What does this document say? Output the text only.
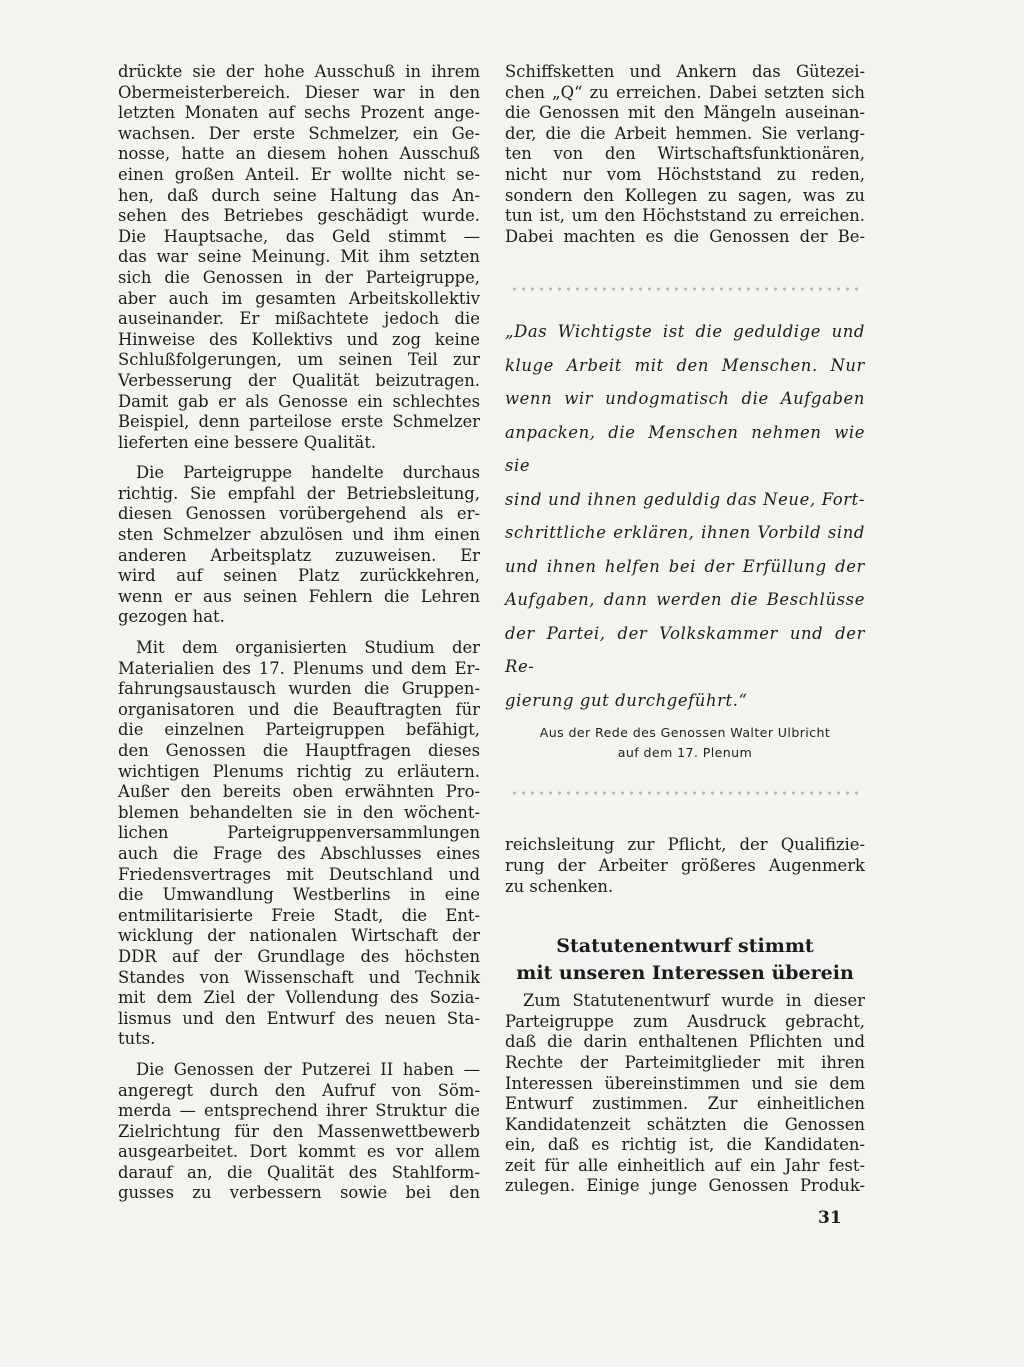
drückte sie der hohe Ausschuß in ihrem

Obermeisterbereich. Dieser war in den

letzten Monaten auf sechs Prozent ange-

wachsen. Der erste Schmelzer, ein Ge-

nosse, hatte an diesem hohen Ausschuß

einen großen Anteil. Er wollte nicht se-

hen, daß durch seine Haltung das An-

sehen des Betriebes geschädigt wurde.

Die Hauptsache, das Geld stimmt —

das war seine Meinung. Mit ihm setzten

sich die Genossen in der Parteigruppe,

aber auch im gesamten Arbeitskollektiv

auseinander. Er mißachtete jedoch die

Hinweise des Kollektivs und zog keine

Schlußfolgerungen, um seinen Teil zur

Verbesserung der Qualität beizutragen.

Damit gab er als Genosse ein schlechtes

Beispiel, denn parteilose erste Schmelzer

lieferten eine bessere Qualität.

Die Parteigruppe handelte durchaus

richtig. Sie empfahl der Betriebsleitung,

diesen Genossen vorübergehend als er-

sten Schmelzer abzulösen und ihm einen

anderen Arbeitsplatz zuzuweisen. Er

wird auf seinen Platz zurückkehren,

wenn er aus seinen Fehlern die Lehren

gezogen hat.

Mit dem organisierten Studium der

Materialien des 17. Plenums und dem Er-

fahrungsaustausch wurden die Gruppen-

organisatoren und die Beauftragten für

die einzelnen Parteigruppen befähigt,

den Genossen die Hauptfragen dieses

wichtigen Plenums richtig zu erläutern.

Außer den bereits oben erwähnten Pro-

blemen behandelten sie in den wöchent-

lichen Parteigruppenversammlungen

auch die Frage des Abschlusses eines

Friedensvertrages mit Deutschland und

die Umwandlung Westberlins in eine

entmilitarisierte Freie Stadt, die Ent-

wicklung der nationalen Wirtschaft der

DDR auf der Grundlage des höchsten

Standes von Wissenschaft und Technik

mit dem Ziel der Vollendung des Sozia-

lismus und den Entwurf des neuen Sta-

tuts.

Die Genossen der Putzerei II haben —

angeregt durch den Aufruf von Söm-

merda — entsprechend ihrer Struktur die

Zielrichtung für den Massenwettbewerb

ausgearbeitet. Dort kommt es vor allem

darauf an, die Qualität des Stahlform-

gusses zu verbessern sowie bei den

Schiffsketten und Ankern das Gütezei-

chen „Q“ zu erreichen. Dabei setzten sich

die Genossen mit den Mängeln auseinan-

der, die die Arbeit hemmen. Sie verlang-

ten von den Wirtschaftsfunktionären,

nicht nur vom Höchststand zu reden,

sondern den Kollegen zu sagen, was zu

tun ist, um den Höchststand zu erreichen.

Dabei machten es die Genossen der Be-

„Das Wichtigste ist die geduldige und

kluge Arbeit mit den Menschen. Nur

wenn wir undogmatisch die Aufgaben

anpacken, die Menschen nehmen wie sie

sind und ihnen geduldig das Neue, Fort-

schrittliche erklären, ihnen Vorbild sind

und ihnen helfen bei der Erfüllung der

Aufgaben, dann werden die Beschlüsse

der Partei, der Volkskammer und der Re-

gierung gut durchgeführt.“

Aus der Rede des Genossen Walter Ulbricht
auf dem 17. Plenum

reichsleitung zur Pflicht, der Qualifizie-

rung der Arbeiter größeres Augenmerk

zu schenken.

Statutenentwurf stimmt

mit unseren Interessen überein

Zum Statutenentwurf wurde in dieser

Parteigruppe zum Ausdruck gebracht,

daß die darin enthaltenen Pflichten und

Rechte der Parteimitglieder mit ihren

Interessen übereinstimmen und sie dem

Entwurf zustimmen. Zur einheitlichen

Kandidatenzeit schätzten die Genossen

ein, daß es richtig ist, die Kandidaten-

zeit für alle einheitlich auf ein Jahr fest-

zulegen. Einige junge Genossen Produk-

31
